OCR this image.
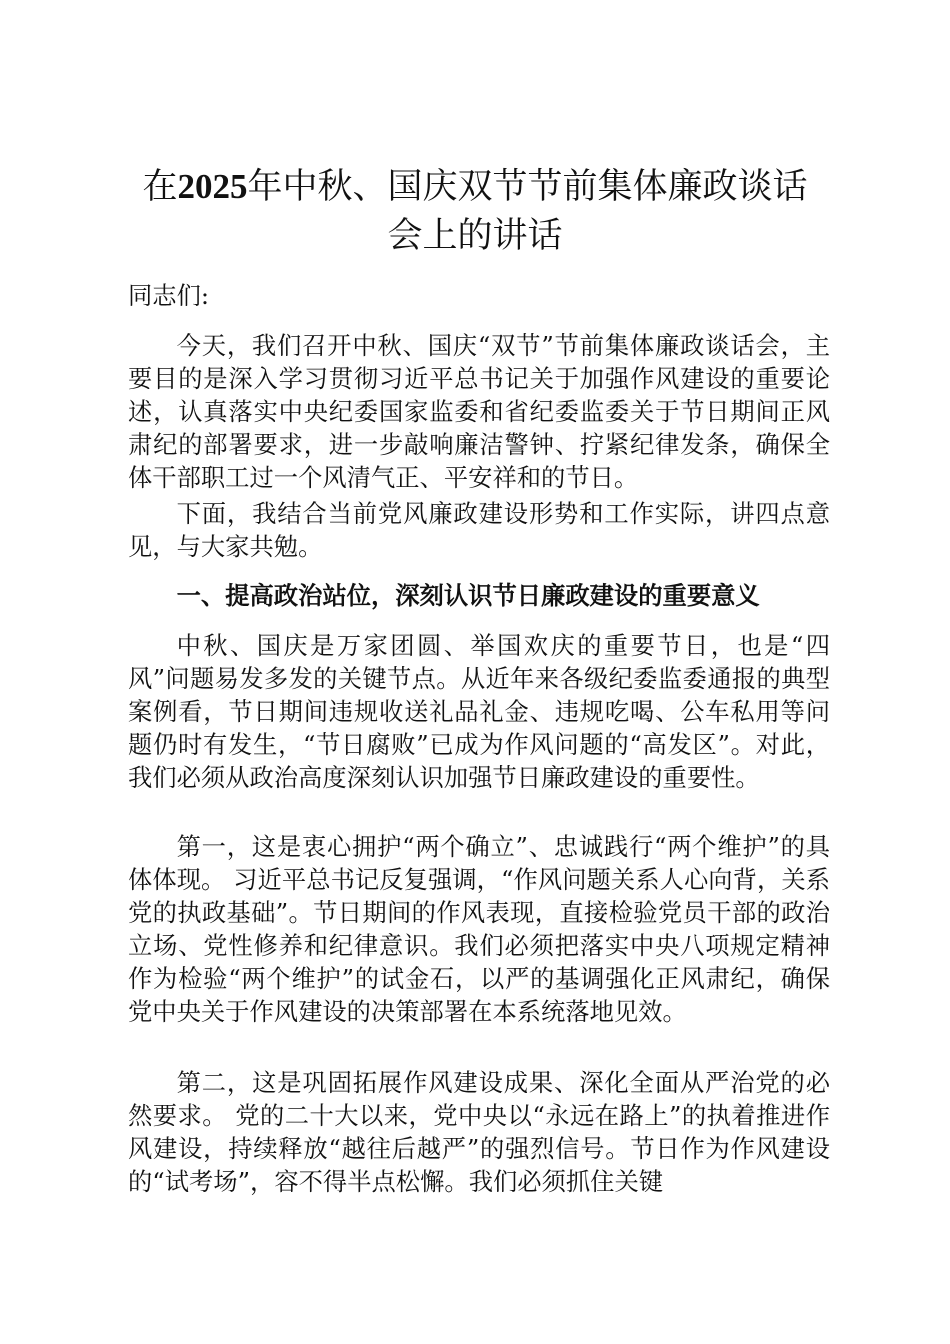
在2025年中秋、国庆双节节前集体廉政谈话
会上的讲话
同志们:

今天，我们召开中秋、国庆“双节”节前集体廉政谈话会，主要目的是深入学习贯彻习近平总书记关于加强作风建设的重要论述，认真落实中央纪委国家监委和省纪委监委关于节日期间正风肃纪的部署要求，进一步敲响廉洁警钟、拧紧纪律发条，确保全体干部职工过一个风清气正、平安祥和的节日。

下面，我结合当前党风廉政建设形势和工作实际，讲四点意见，与大家共勉。

一、提高政治站位，深刻认识节日廉政建设的重要意义

中秋、国庆是万家团圆、举国欢庆的重要节日，也是“四风”问题易发多发的关键节点。从近年来各级纪委监委通报的典型案例看，节日期间违规收送礼品礼金、违规吃喝、公车私用等问题仍时有发生，“节日腐败”已成为作风问题的“高发区”。对此，我们必须从政治高度深刻认识加强节日廉政建设的重要性。

第一，这是衷心拥护“两个确立”、忠诚践行“两个维护”的具体体现。 习近平总书记反复强调，“作风问题关系人心向背，关系党的执政基础”。节日期间的作风表现，直接检验党员干部的政治立场、党性修养和纪律意识。我们必须把落实中央八项规定精神作为检验“两个维护”的试金石，以严的基调强化正风肃纪，确保党中央关于作风建设的决策部署在本系统落地见效。

第二，这是巩固拓展作风建设成果、深化全面从严治党的必然要求。 党的二十大以来，党中央以“永远在路上”的执着推进作风建设，持续释放“越往后越严”的强烈信号。节日作为作风建设的“试考场”，容不得半点松懈。我们必须抓住关键
